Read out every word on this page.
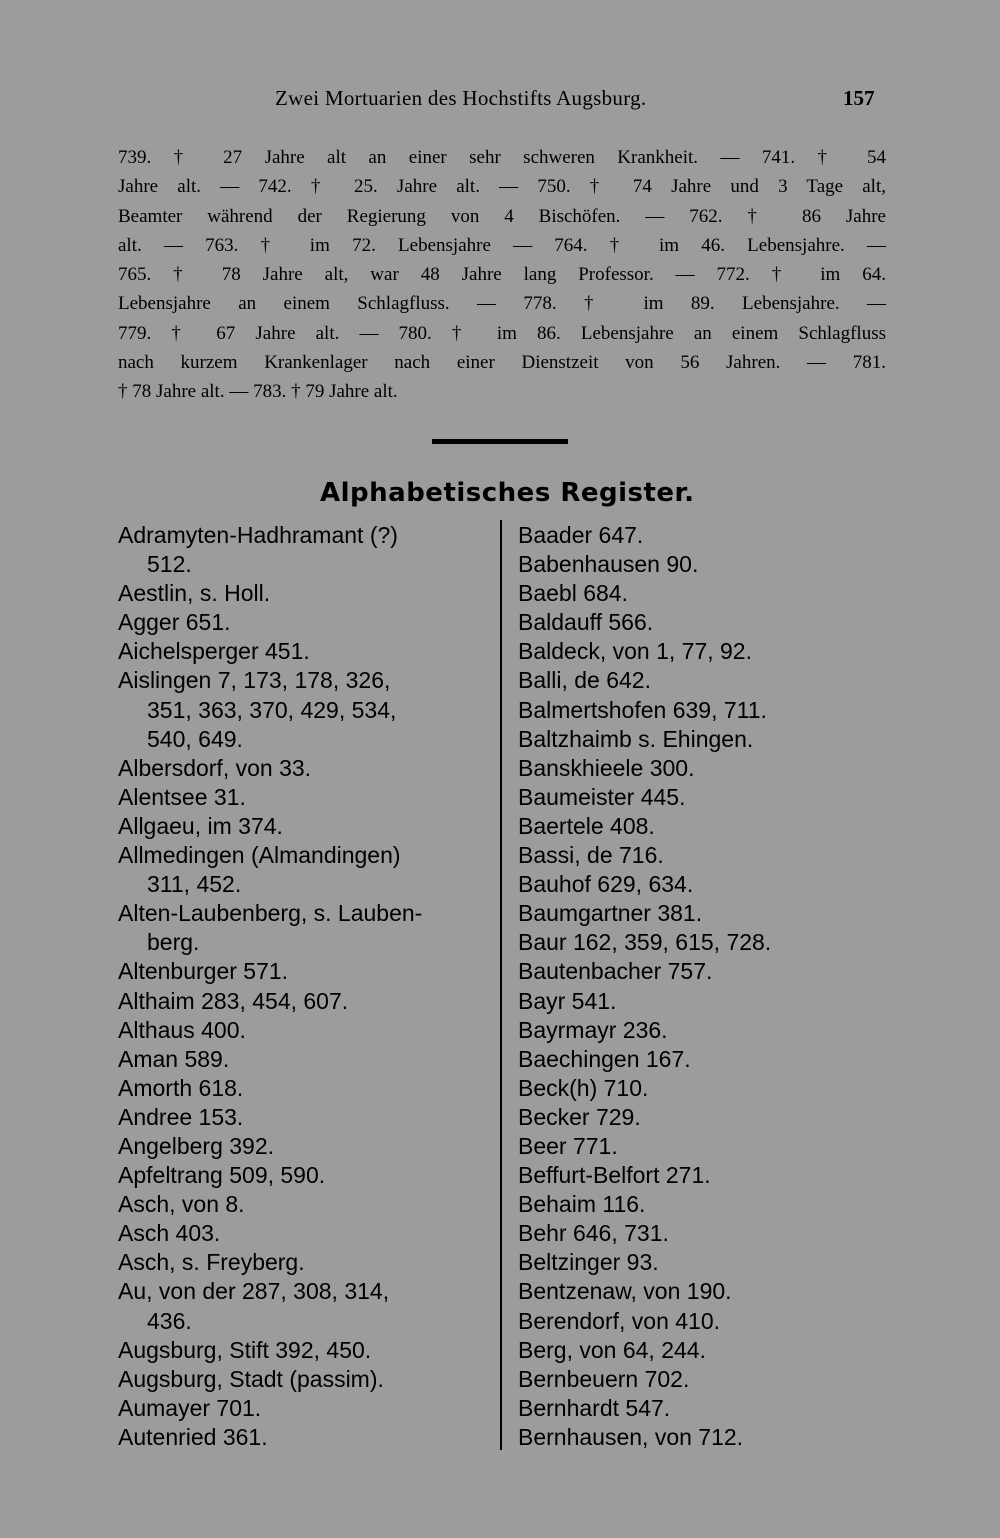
Zwei Mortuarien des Hochstifts Augsburg.	157
739. † 27 Jahre alt an einer sehr schweren Krankheit. — 741. † 54
Jahre alt. — 742. † 25. Jahre alt. — 750. † 74 Jahre und 3 Tage alt,
Beamter während der Regierung von 4 Bischöfen. — 762. † 86 Jahre
alt. — 763. † im 72. Lebensjahre — 764. † im 46. Lebensjahre. —
765. † 78 Jahre alt, war 48 Jahre lang Professor. — 772. † im 64.
Lebensjahre an einem Schlagfluss. — 778. † im 89. Lebensjahre. —
779. † 67 Jahre alt. — 780. † im 86. Lebensjahre an einem Schlagfluss
nach kurzem Krankenlager nach einer Dienstzeit von 56 Jahren. — 781.
† 78 Jahre alt. — 783. † 79 Jahre alt.
Alphabetisches Register.
Adramyten-Hadhramant (?)
512.
Aestlin, s. Holl.
Agger 651.
Aichelsperger 451.
Aislingen 7, 173, 178, 326,
351, 363, 370, 429, 534,
540, 649.
Albersdorf, von 33.
Alentsee 31.
Allgaeu, im 374.
Allmedingen (Almandingen)
311, 452.
Alten-Laubenberg, s. Lauben-
berg.
Altenburger 571.
Althaim 283, 454, 607.
Althaus 400.
Aman 589.
Amorth 618.
Andree 153.
Angelberg 392.
Apfeltrang 509, 590.
Asch, von 8.
Asch 403.
Asch, s. Freyberg.
Au, von der 287, 308, 314,
436.
Augsburg, Stift 392, 450.
Augsburg, Stadt (passim).
Aumayer 701.
Autenried 361.
Baader 647.
Babenhausen 90.
Baebl 684.
Baldauff 566.
Baldeck, von 1, 77, 92.
Balli, de 642.
Balmertshofen 639, 711.
Baltzhaimb s. Ehingen.
Banskhieele 300.
Baumeister 445.
Baertele 408.
Bassi, de 716.
Bauhof 629, 634.
Baumgartner 381.
Baur 162, 359, 615, 728.
Bautenbacher 757.
Bayr 541.
Bayrmayr 236.
Baechingen 167.
Beck(h) 710.
Becker 729.
Beer 771.
Beffurt-Belfort 271.
Behaim 116.
Behr 646, 731.
Beltzinger 93.
Bentzenaw, von 190.
Berendorf, von 410.
Berg, von 64, 244.
Bernbeuern 702.
Bernhardt 547.
Bernhausen, von 712.
